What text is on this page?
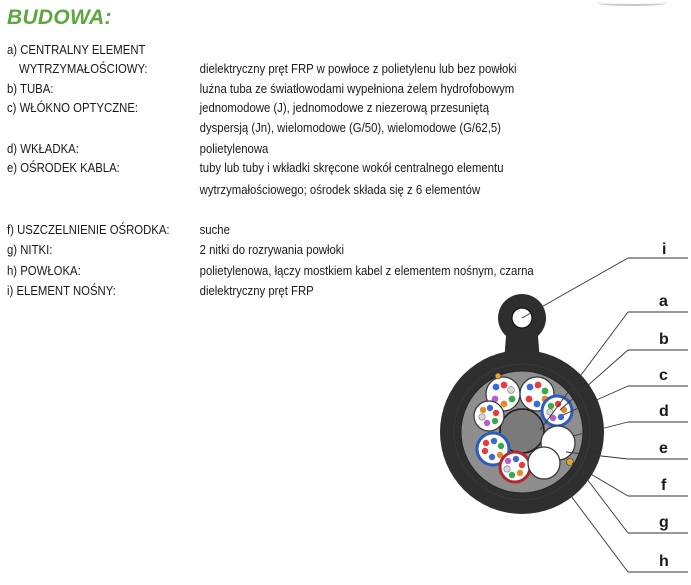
BUDOWA:
a) CENTRALNY ELEMENT
WYTRZYMAŁOŚCIOWY:	dielektryczny pręt FRP w powłoce z polietylenu lub bez powłoki
b) TUBA:	luźna tuba ze światłowodami wypełniona żelem hydrofobowym
c) WŁÓKNO OPTYCZNE:	jednomodowe (J), jednomodowe z niezerową przesuniętą
dyspersją (Jn), wielomodowe (G/50), wielomodowe (G/62,5)
d) WKŁADKA:	polietylenowa
e) OŚRODEK KABLA:	tuby lub tuby i wkładki skręcone wokół centralnego elementu
wytrzymałościowego; ośrodek składa się z 6 elementów
f) USZCZELNIENIE OŚRODKA: suche
g) NITKI:	2 nitki do rozrywania powłoki
h) POWŁOKA:	polietylenowa, łączy mostkiem kabel z elementem nośnym, czarna
i) ELEMENT NOŚNY:	dielektryczny pręt FRP
i
a
b
c
d
e
f
g
h
